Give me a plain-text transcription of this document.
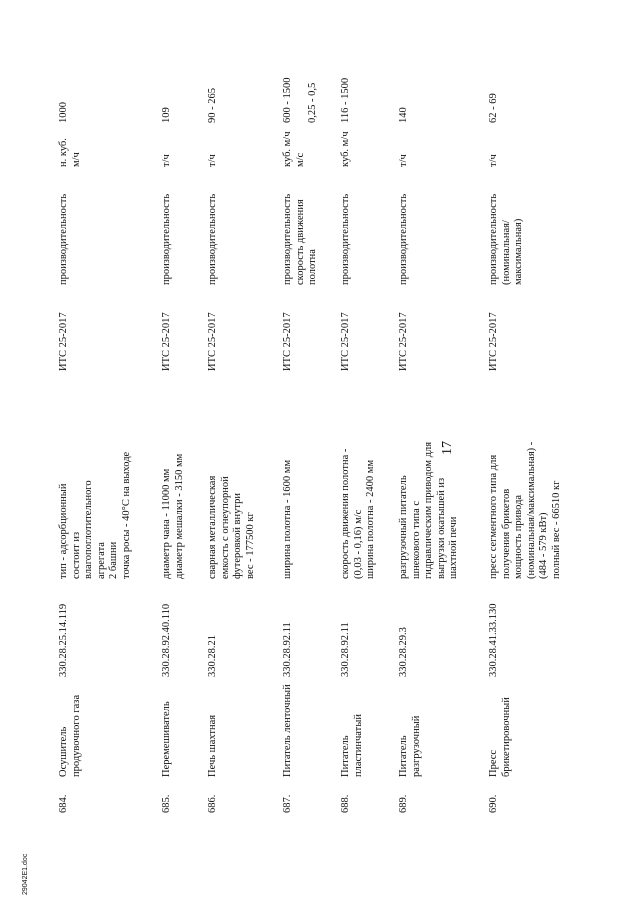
17
29042E1.doc
684.
Осушитель продувочного газа
330.28.25.14.119
тип - адсорбционный
состоит из
влагопоглотительного
агрегата
2 башни
точка росы - 40°C на выходе
ИТС 25-2017
производительность
н. куб. м/ч
1000
685.
Перемешиватель
330.28.92.40.110
диаметр чана - 11000 мм
диаметр мешалки - 3150 мм
ИТС 25-2017
производительность
т/ч
109
686.
Печь шахтная
330.28.21
сварная металлическая
емкость с огнеупорной
футеровкой внутри
вес - 177500 кг
ИТС 25-2017
производительность
т/ч
90 - 265
687.
Питатель ленточный
330.28.92.11
ширина полотна - 1600 мм
ИТС 25-2017
производительность
скорость движения
полотна
куб. м/ч
м/с
600 - 1500

0,25 - 0,5
688.
Питатель пластинчатый
330.28.92.11
скорость движения полотна -
(0,03 - 0,16) м/с
ширина полотна - 2400 мм
ИТС 25-2017
производительность
куб. м/ч
116 - 1500
689.
Питатель разгрузочный
330.28.29.3
разгрузочный питатель
шнекового типа с
гидравлическим приводом для
выгрузки окатышей из
шахтной печи
ИТС 25-2017
производительность
т/ч
140
690.
Пресс брикетировочный
330.28.41.33.130
пресс сегментного типа для
получения брикетов
мощность привода
(номинальная/максимальная) -
(484 - 579 кВт)
полный вес - 66510 кг
ИТС 25-2017
производительность
(номинальная/
максимальная)
т/ч
62 - 69
